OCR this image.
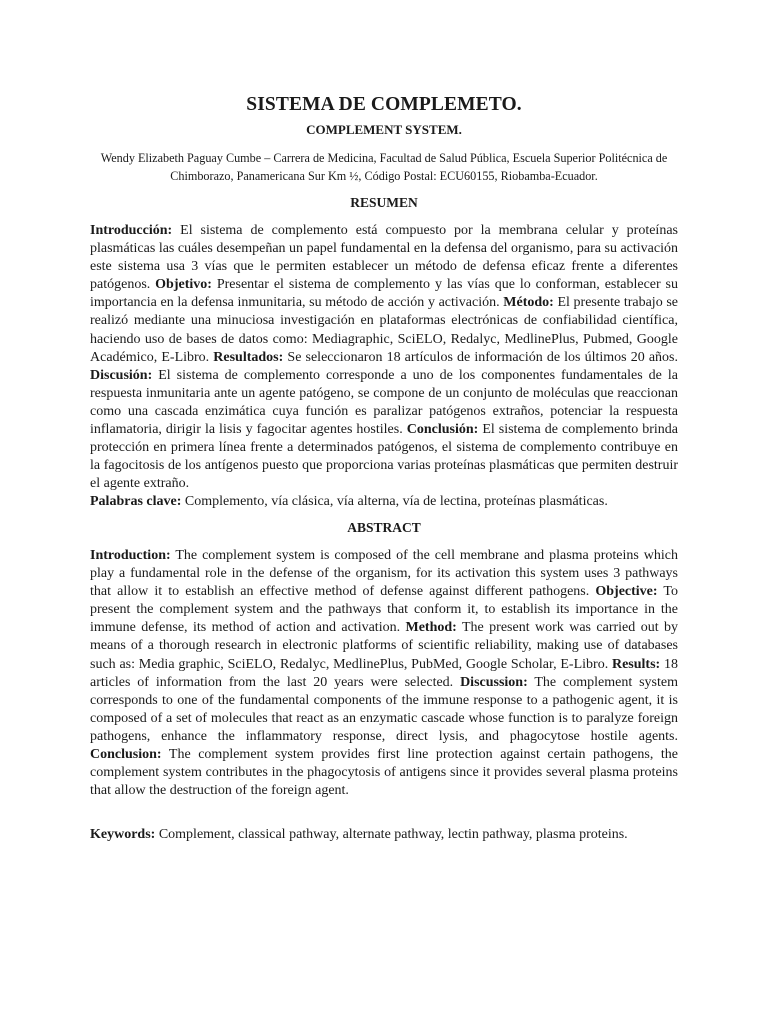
SISTEMA DE COMPLEMETO.
COMPLEMENT SYSTEM.
Wendy Elizabeth Paguay Cumbe – Carrera de Medicina, Facultad de Salud Pública, Escuela Superior Politécnica de Chimborazo, Panamericana Sur Km ½, Código Postal: ECU60155, Riobamba-Ecuador.
RESUMEN
Introducción: El sistema de complemento está compuesto por la membrana celular y proteínas plasmáticas las cuáles desempeñan un papel fundamental en la defensa del organismo, para su activación este sistema usa 3 vías que le permiten establecer un método de defensa eficaz frente a diferentes patógenos. Objetivo: Presentar el sistema de complemento y las vías que lo conforman, establecer su importancia en la defensa inmunitaria, su método de acción y activación. Método: El presente trabajo se realizó mediante una minuciosa investigación en plataformas electrónicas de confiabilidad científica, haciendo uso de bases de datos como: Mediagraphic, SciELO, Redalyc, MedlinePlus, Pubmed, Google Académico, E-Libro. Resultados: Se seleccionaron 18 artículos de información de los últimos 20 años. Discusión: El sistema de complemento corresponde a uno de los componentes fundamentales de la respuesta inmunitaria ante un agente patógeno, se compone de un conjunto de moléculas que reaccionan como una cascada enzimática cuya función es paralizar patógenos extraños, potenciar la respuesta inflamatoria, dirigir la lisis y fagocitar agentes hostiles. Conclusión: El sistema de complemento brinda protección en primera línea frente a determinados patógenos, el sistema de complemento contribuye en la fagocitosis de los antígenos puesto que proporciona varias proteínas plasmáticas que permiten destruir el agente extraño.
Palabras clave: Complemento, vía clásica, vía alterna, vía de lectina, proteínas plasmáticas.
ABSTRACT
Introduction: The complement system is composed of the cell membrane and plasma proteins which play a fundamental role in the defense of the organism, for its activation this system uses 3 pathways that allow it to establish an effective method of defense against different pathogens. Objective: To present the complement system and the pathways that conform it, to establish its importance in the immune defense, its method of action and activation. Method: The present work was carried out by means of a thorough research in electronic platforms of scientific reliability, making use of databases such as: Media graphic, SciELO, Redalyc, MedlinePlus, PubMed, Google Scholar, E-Libro. Results: 18 articles of information from the last 20 years were selected. Discussion: The complement system corresponds to one of the fundamental components of the immune response to a pathogenic agent, it is composed of a set of molecules that react as an enzymatic cascade whose function is to paralyze foreign pathogens, enhance the inflammatory response, direct lysis, and phagocytose hostile agents. Conclusion: The complement system provides first line protection against certain pathogens, the complement system contributes in the phagocytosis of antigens since it provides several plasma proteins that allow the destruction of the foreign agent.
Keywords: Complement, classical pathway, alternate pathway, lectin pathway, plasma proteins.
